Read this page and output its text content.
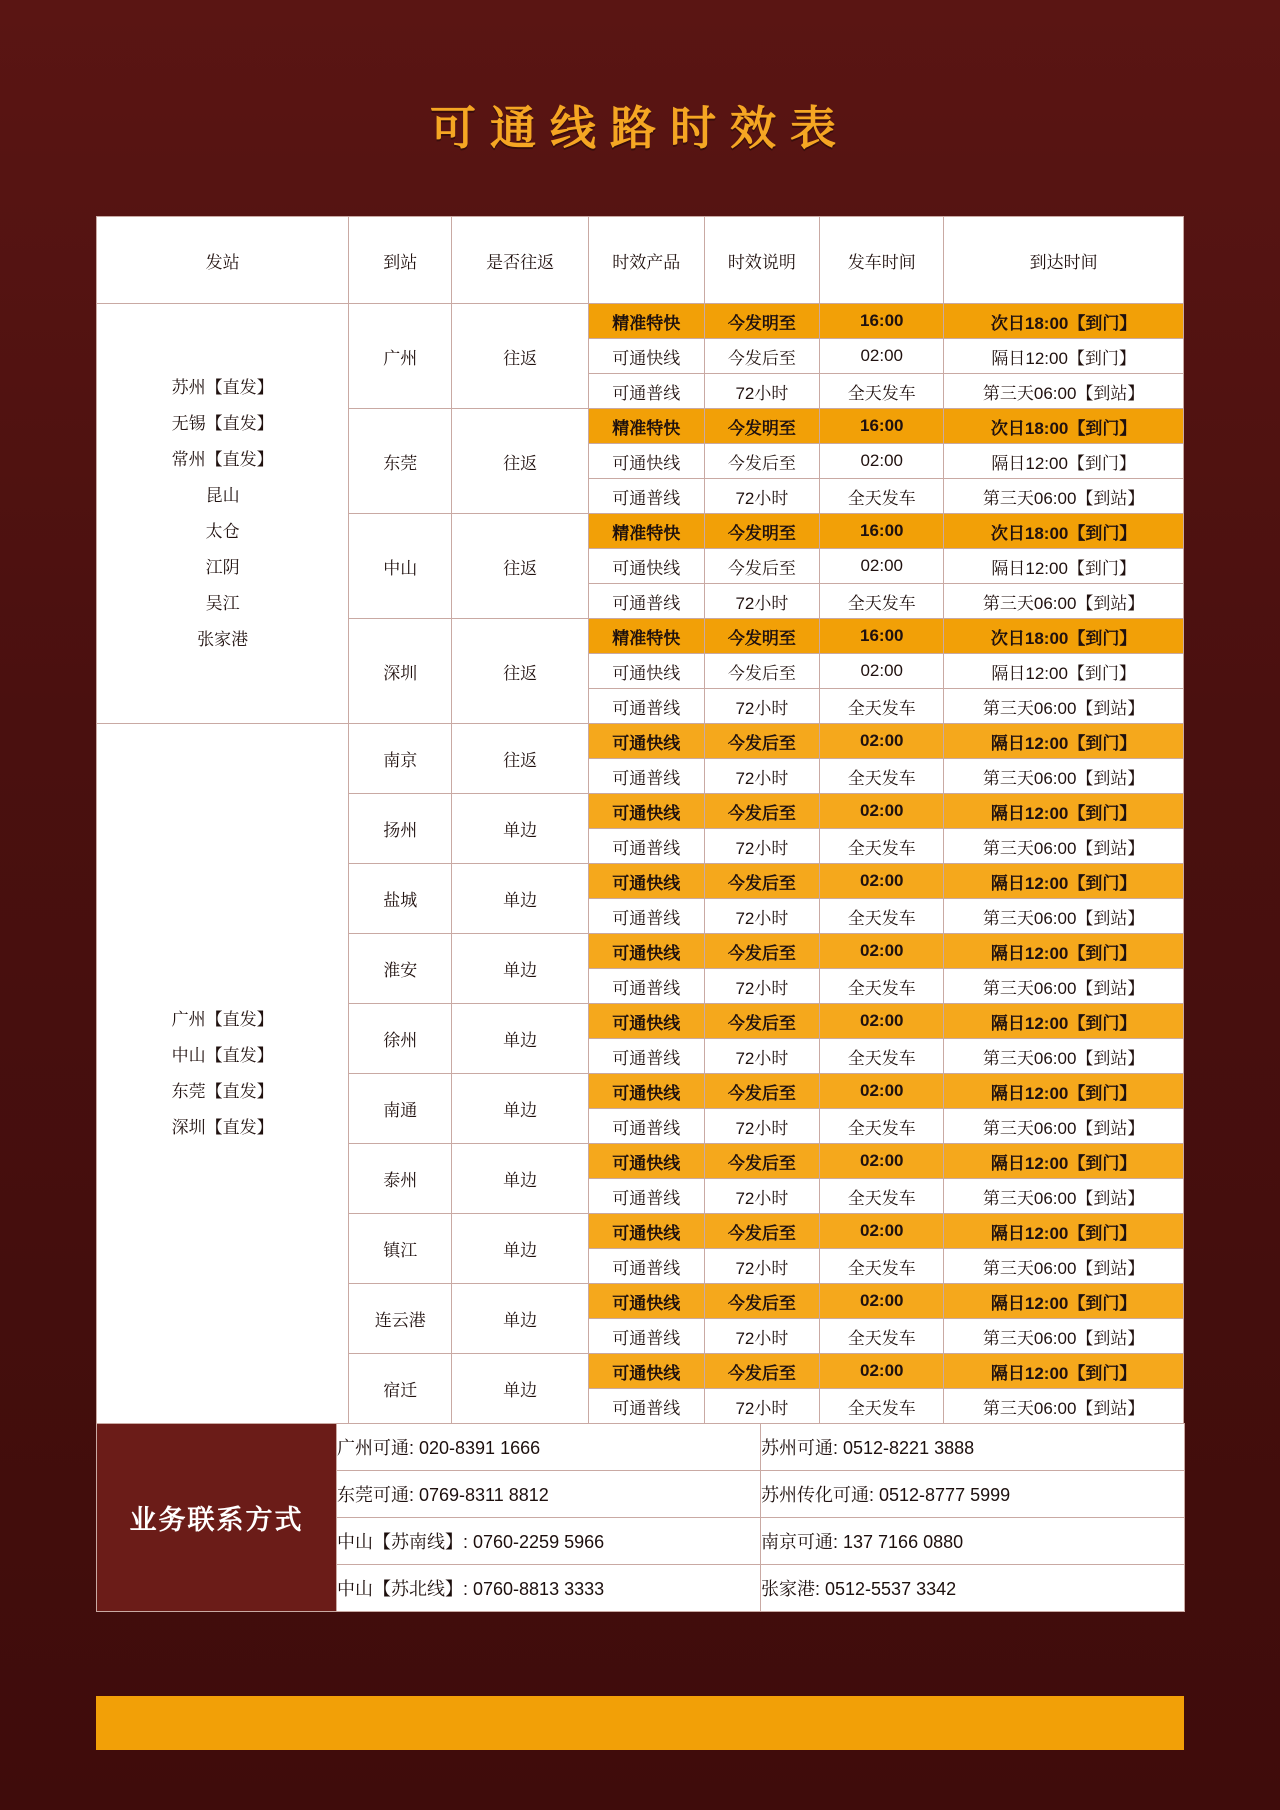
可通线路时效表
发站	到站	是否往返	时效产品	时效说明	发车时间	到达时间

苏州【直发】
无锡【直发】
常州【直发】
昆山
太仓
江阴
吴江
张家港
	广州	往返	精准特快	今发明至	16:00	次日18:00【到门】
			可通快线	今发后至	02:00	隔日12:00【到门】
			可通普线	72小时	全天发车	第三天06:00【到站】
	东莞	往返	精准特快	今发明至	16:00	次日18:00【到门】
			可通快线	今发后至	02:00	隔日12:00【到门】
			可通普线	72小时	全天发车	第三天06:00【到站】
	中山	往返	精准特快	今发明至	16:00	次日18:00【到门】
			可通快线	今发后至	02:00	隔日12:00【到门】
			可通普线	72小时	全天发车	第三天06:00【到站】
	深圳	往返	精准特快	今发明至	16:00	次日18:00【到门】
			可通快线	今发后至	02:00	隔日12:00【到门】
			可通普线	72小时	全天发车	第三天06:00【到站】

广州【直发】
中山【直发】
东莞【直发】
深圳【直发】	南京	往返	可通快线	今发后至	02:00	隔日12:00【到门】
			可通普线	72小时	全天发车	第三天06:00【到站】
	扬州	单边	可通快线	今发后至	02:00	隔日12:00【到门】
			可通普线	72小时	全天发车	第三天06:00【到站】
	盐城	单边	可通快线	今发后至	02:00	隔日12:00【到门】
			可通普线	72小时	全天发车	第三天06:00【到站】
	淮安	单边	可通快线	今发后至	02:00	隔日12:00【到门】
			可通普线	72小时	全天发车	第三天06:00【到站】
	徐州	单边	可通快线	今发后至	02:00	隔日12:00【到门】
			可通普线	72小时	全天发车	第三天06:00【到站】
	南通	单边	可通快线	今发后至	02:00	隔日12:00【到门】
			可通普线	72小时	全天发车	第三天06:00【到站】
	泰州	单边	可通快线	今发后至	02:00	隔日12:00【到门】
			可通普线	72小时	全天发车	第三天06:00【到站】
	镇江	单边	可通快线	今发后至	02:00	隔日12:00【到门】
			可通普线	72小时	全天发车	第三天06:00【到站】
	连云港	单边	可通快线	今发后至	02:00	隔日12:00【到门】
			可通普线	72小时	全天发车	第三天06:00【到站】
	宿迁	单边	可通快线	今发后至	02:00	隔日12:00【到门】
			可通普线	72小时	全天发车	第三天06:00【到站】
业务联系方式	广州可通: 020-8391 1666	苏州可通: 0512-8221 3888
	东莞可通: 0769-8311 8812	苏州传化可通: 0512-8777 5999
	中山【苏南线】: 0760-2259 5966	南京可通: 137 7166 0880
	中山【苏北线】: 0760-8813 3333	张家港: 0512-5537 3342
